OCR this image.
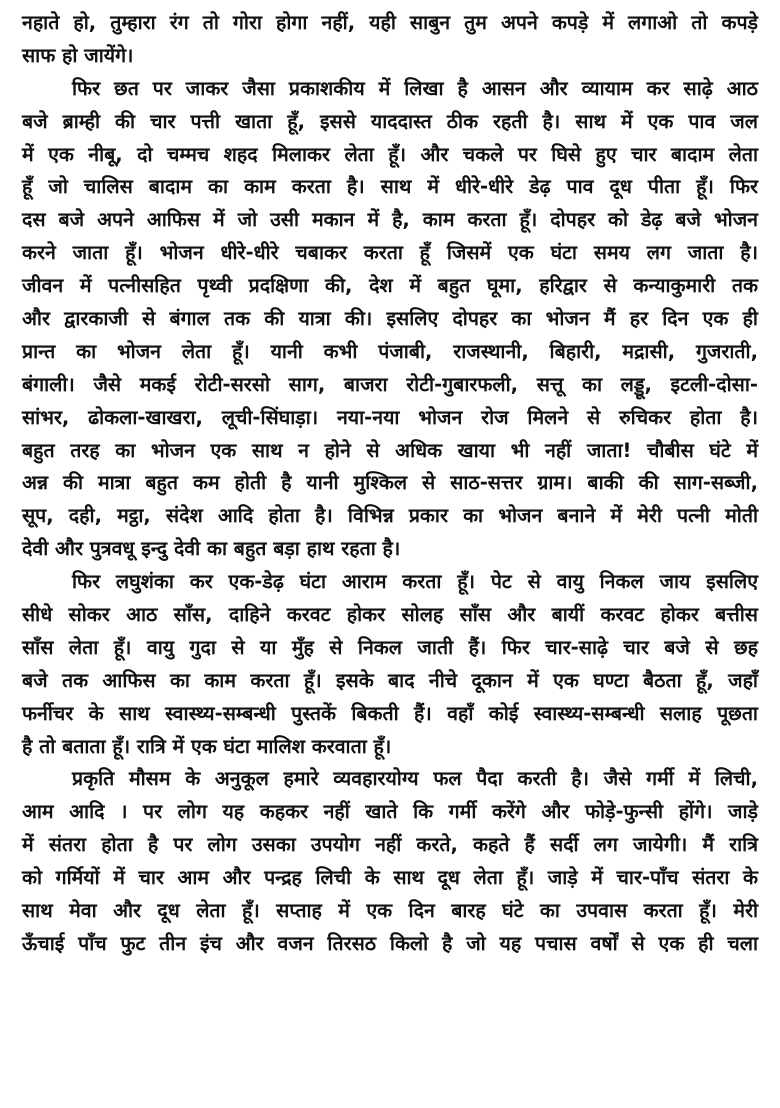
नहाते हो, तुम्हारा रंग तो गोरा होगा नहीं, यही साबुन तुम अपने कपड़े में लगाओ तो कपड़े
साफ हो जायेंगे।
फिर छत पर जाकर जैसा प्रकाशकीय में लिखा है आसन और व्यायाम कर साढ़े आठ
बजे ब्राम्ही की चार पत्ती खाता हूँ, इससे याददास्त ठीक रहती है। साथ में एक पाव जल
में एक नीबू, दो चम्मच शहद मिलाकर लेता हूँ। और चकले पर घिसे हुए चार बादाम लेता
हूँ जो चालिस बादाम का काम करता है। साथ में धीरे-धीरे डेढ़ पाव दूध पीता हूँ। फिर
दस बजे अपने आफिस में जो उसी मकान में है, काम करता हूँ। दोपहर को डेढ़ बजे भोजन
करने जाता हूँ। भोजन धीरे-धीरे चबाकर करता हूँ जिसमें एक घंटा समय लग जाता है।
जीवन में पत्नीसहित पृथ्वी प्रदक्षिणा की, देश में बहुत घूमा, हरिद्वार से कन्याकुमारी तक
और द्वारकाजी से बंगाल तक की यात्रा की। इसलिए दोपहर का भोजन मैं हर दिन एक ही
प्रान्त का भोजन लेता हूँ। यानी कभी पंजाबी, राजस्थानी, बिहारी, मद्रासी, गुजराती,
बंगाली। जैसे मकई रोटी-सरसो साग, बाजरा रोटी-गुबारफली, सत्तू का लड्डू, इटली-दोसा-
सांभर, ढोकला-खाखरा, लूची-सिंघाड़ा। नया-नया भोजन रोज मिलने से रुचिकर होता है।
बहुत तरह का भोजन एक साथ न होने से अधिक खाया भी नहीं जाता! चौबीस घंटे में
अन्न की मात्रा बहुत कम होती है यानी मुश्किल से साठ-सत्तर ग्राम। बाकी की साग-सब्जी,
सूप, दही, मट्ठा, संदेश आदि होता है। विभिन्न प्रकार का भोजन बनाने में मेरी पत्नी मोती
देवी और पुत्रवधू इन्दु देवी का बहुत बड़ा हाथ रहता है।
फिर लघुशंका कर एक-डेढ़ घंटा आराम करता हूँ। पेट से वायु निकल जाय इसलिए
सीधे सोकर आठ साँस, दाहिने करवट होकर सोलह साँस और बायीं करवट होकर बत्तीस
साँस लेता हूँ। वायु गुदा से या मुँह से निकल जाती हैं। फिर चार-साढ़े चार बजे से छह
बजे तक आफिस का काम करता हूँ। इसके बाद नीचे दूकान में एक घण्टा बैठता हूँ, जहाँ
फर्नीचर के साथ स्वास्थ्य-सम्बन्धी पुस्तकें बिकती हैं। वहाँ कोई स्वास्थ्य-सम्बन्धी सलाह पूछता
है तो बताता हूँ। रात्रि में एक घंटा मालिश करवाता हूँ।
प्रकृति मौसम के अनुकूल हमारे व्यवहारयोग्य फल पैदा करती है। जैसे गर्मी में लिची,
आम आदि । पर लोग यह कहकर नहीं खाते कि गर्मी करेंगे और फोड़े-फुन्सी होंगे। जाड़े
में संतरा होता है पर लोग उसका उपयोग नहीं करते, कहते हैं सर्दी लग जायेगी। मैं रात्रि
को गर्मियों में चार आम और पन्द्रह लिची के साथ दूध लेता हूँ। जाड़े में चार-पाँच संतरा के
साथ मेवा और दूध लेता हूँ। सप्ताह में एक दिन बारह घंटे का उपवास करता हूँ। मेरी
ऊँचाई पाँच फुट तीन इंच और वजन तिरसठ किलो है जो यह पचास वर्षों से एक ही चला
